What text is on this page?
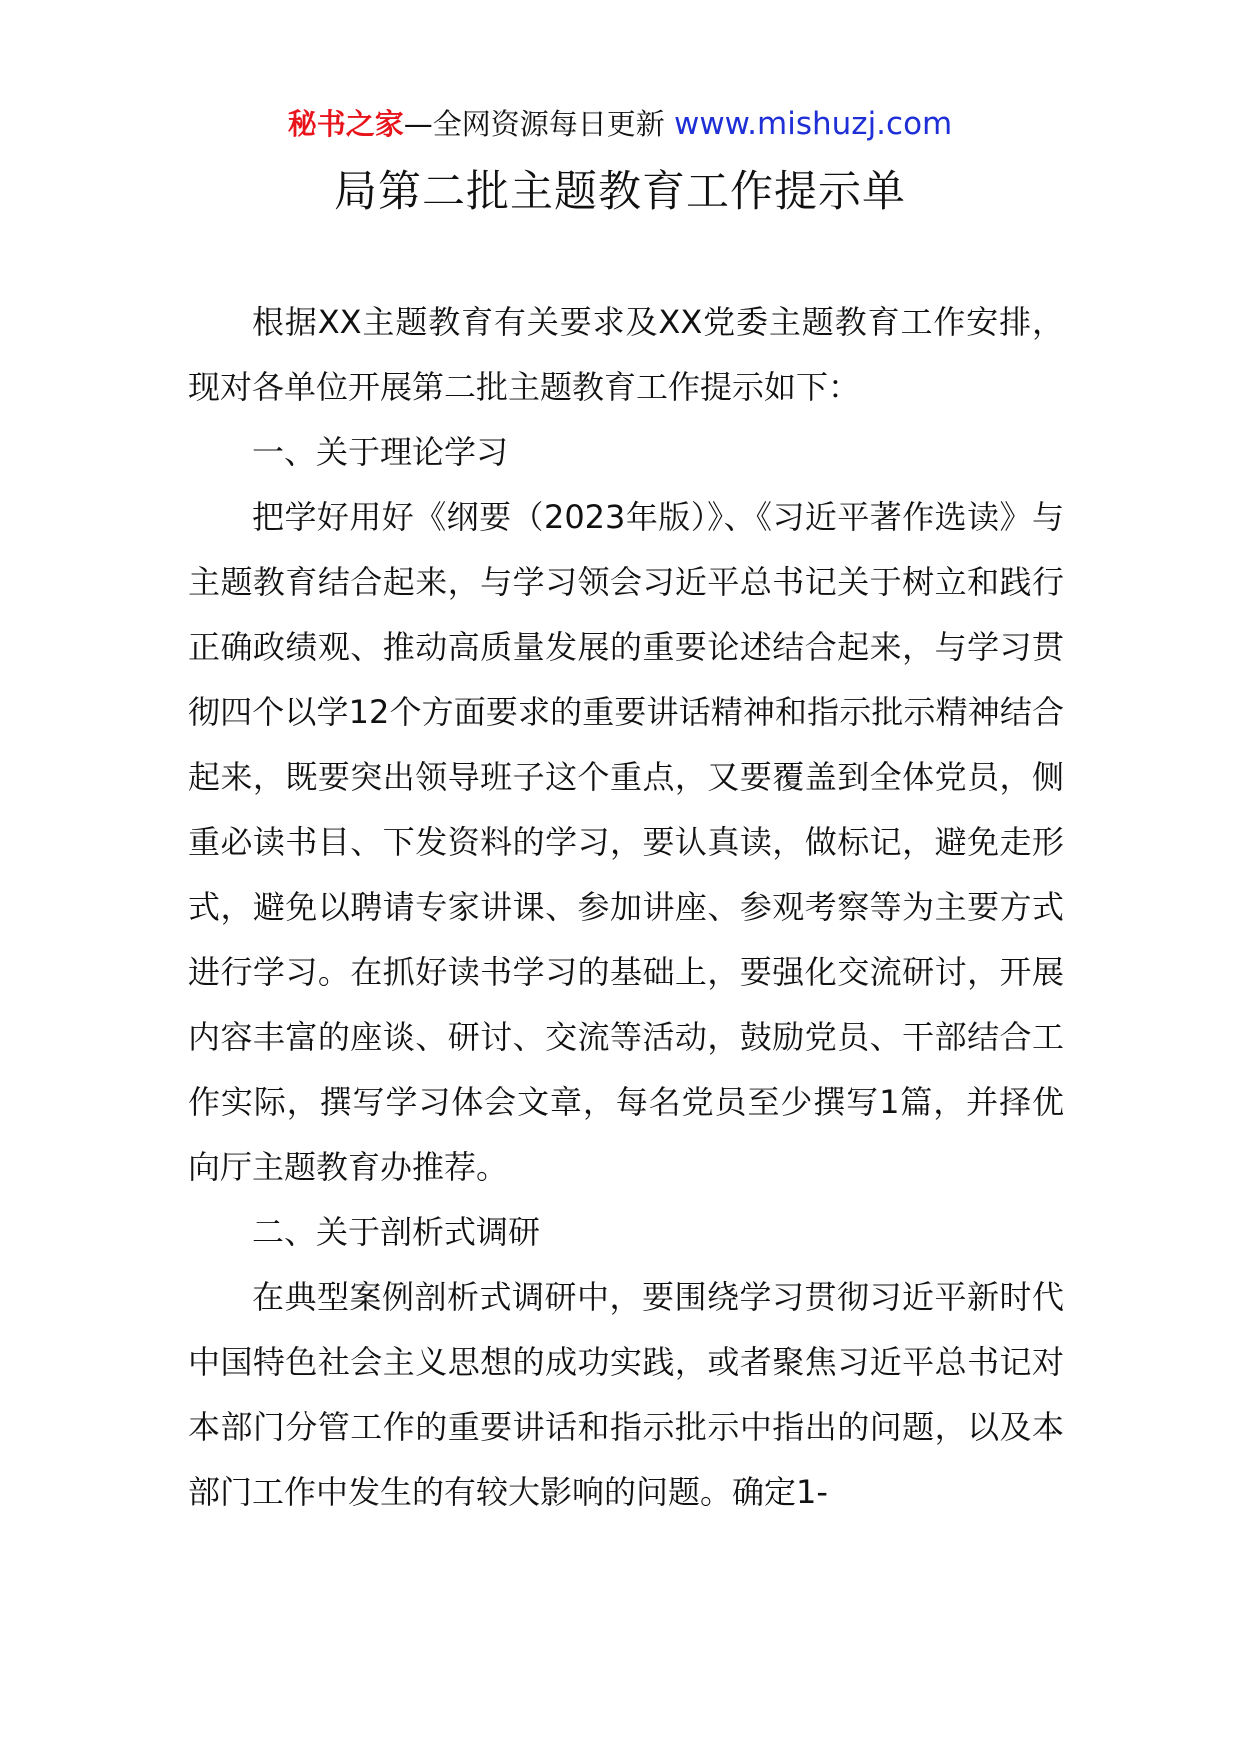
秘书之家—全网资源每日更新 www.mishuzj.com
局第二批主题教育工作提示单

根据XX主题教育有关要求及XX党委主题教育工作安排，现对各单位开展第二批主题教育工作提示如下：

一、关于理论学习

把学好用好《纲要（2023年版）》、《习近平著作选读》与主题教育结合起来，与学习领会习近平总书记关于树立和践行正确政绩观、推动高质量发展的重要论述结合起来，与学习贯彻四个以学12个方面要求的重要讲话精神和指示批示精神结合起来，既要突出领导班子这个重点，又要覆盖到全体党员，侧重必读书目、下发资料的学习，要认真读，做标记，避免走形式，避免以聘请专家讲课、参加讲座、参观考察等为主要方式进行学习。在抓好读书学习的基础上，要强化交流研讨，开展内容丰富的座谈、研讨、交流等活动，鼓励党员、干部结合工作实际，撰写学习体会文章，每名党员至少撰写1篇，并择优向厅主题教育办推荐。

二、关于剖析式调研

在典型案例剖析式调研中，要围绕学习贯彻习近平新时代中国特色社会主义思想的成功实践，或者聚焦习近平总书记对本部门分管工作的重要讲话和指示批示中指出的问题，以及本部门工作中发生的有较大影响的问题。确定1-
